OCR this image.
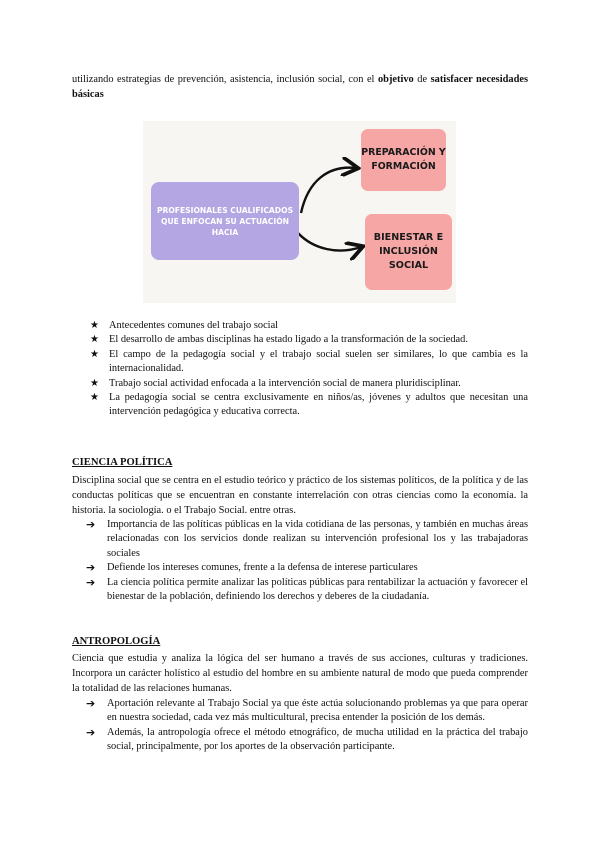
utilizando estrategias de prevención, asistencia, inclusión social, con el objetivo de satisfacer necesidades básicas
PROFESIONALES CUALIFICADOS QUE ENFOCAN SU ACTUACIÓN HACIA
PREPARACIÓN Y FORMACIÓN
BIENESTAR E INCLUSIÓN SOCIAL
★ Antecedentes comunes del trabajo social
★ El desarrollo de ambas disciplinas ha estado ligado a la transformación de la sociedad.
★ El campo de la pedagogía social y el trabajo social suelen ser similares, lo que cambia es la internacionalidad.
★ Trabajo social actividad enfocada a la intervención social de manera pluridisciplinar.
★ La pedagogía social se centra exclusivamente en niños/as, jóvenes y adultos que necesitan una intervención pedagógica y educativa correcta.
CIENCIA POLÍTICA
Disciplina social que se centra en el estudio teórico y práctico de los sistemas políticos, de la política y de las conductas políticas que se encuentran en constante interrelación con otras ciencias como la economía. la historia. la sociología. o el Trabajo Social. entre otras.
➔ Importancia de las políticas públicas en la vida cotidiana de las personas, y también en muchas áreas relacionadas con los servicios donde realizan su intervención profesional los y las trabajadoras sociales
➔ Defiende los intereses comunes, frente a la defensa de interese particulares
➔ La ciencia política permite analizar las políticas públicas para rentabilizar la actuación y favorecer el bienestar de la población, definiendo los derechos y deberes de la ciudadanía.
ANTROPOLOGÍA
Ciencia que estudia y analiza la lógica del ser humano a través de sus acciones, culturas y tradiciones. Incorpora un carácter holístico al estudio del hombre en su ambiente natural de modo que pueda comprender la totalidad de las relaciones humanas.
➔ Aportación relevante al Trabajo Social ya que éste actúa solucionando problemas ya que para operar en nuestra sociedad, cada vez más multicultural, precisa entender la posición de los demás.
➔ Además, la antropología ofrece el método etnográfico, de mucha utilidad en la práctica del trabajo social, principalmente, por los aportes de la observación participante.
